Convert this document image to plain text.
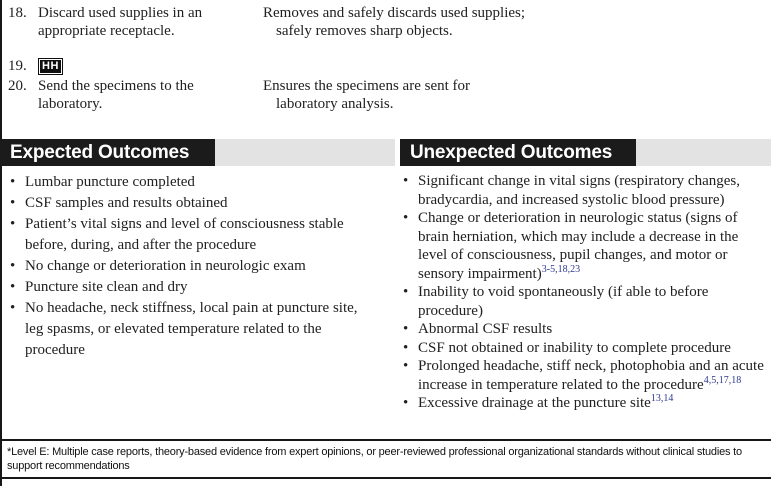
18. Discard used supplies in an appropriate receptacle.
Removes and safely discards used supplies; safely removes sharp objects.
19.	HH
20. Send the specimens to the laboratory.
Ensures the specimens are sent for laboratory analysis.
Expected Outcomes	Unexpected Outcomes
• Lumbar puncture completed
• CSF samples and results obtained
• Patient’s vital signs and level of consciousness stable before, during, and after the procedure
• No change or deterioration in neurologic exam
• Puncture site clean and dry
• No headache, neck stiffness, local pain at puncture site, leg spasms, or elevated temperature related to the procedure
• Significant change in vital signs (respiratory changes, bradycardia, and increased systolic blood pressure)
• Change or deterioration in neurologic status (signs of brain herniation, which may include a decrease in the level of consciousness, pupil changes, and motor or sensory impairment)$^{3-5,18,23}$
• Inability to void spontaneously (if able to before procedure)
• Abnormal CSF results
• CSF not obtained or inability to complete procedure
• Prolonged headache, stiff neck, photophobia and an acute increase in temperature related to the procedure$^{4,5,17,18}$
• Excessive drainage at the puncture site$^{13,14}$
*Level E: Multiple case reports, theory-based evidence from expert opinions, or peer-reviewed professional organizational standards without clinical studies to support recommendations
